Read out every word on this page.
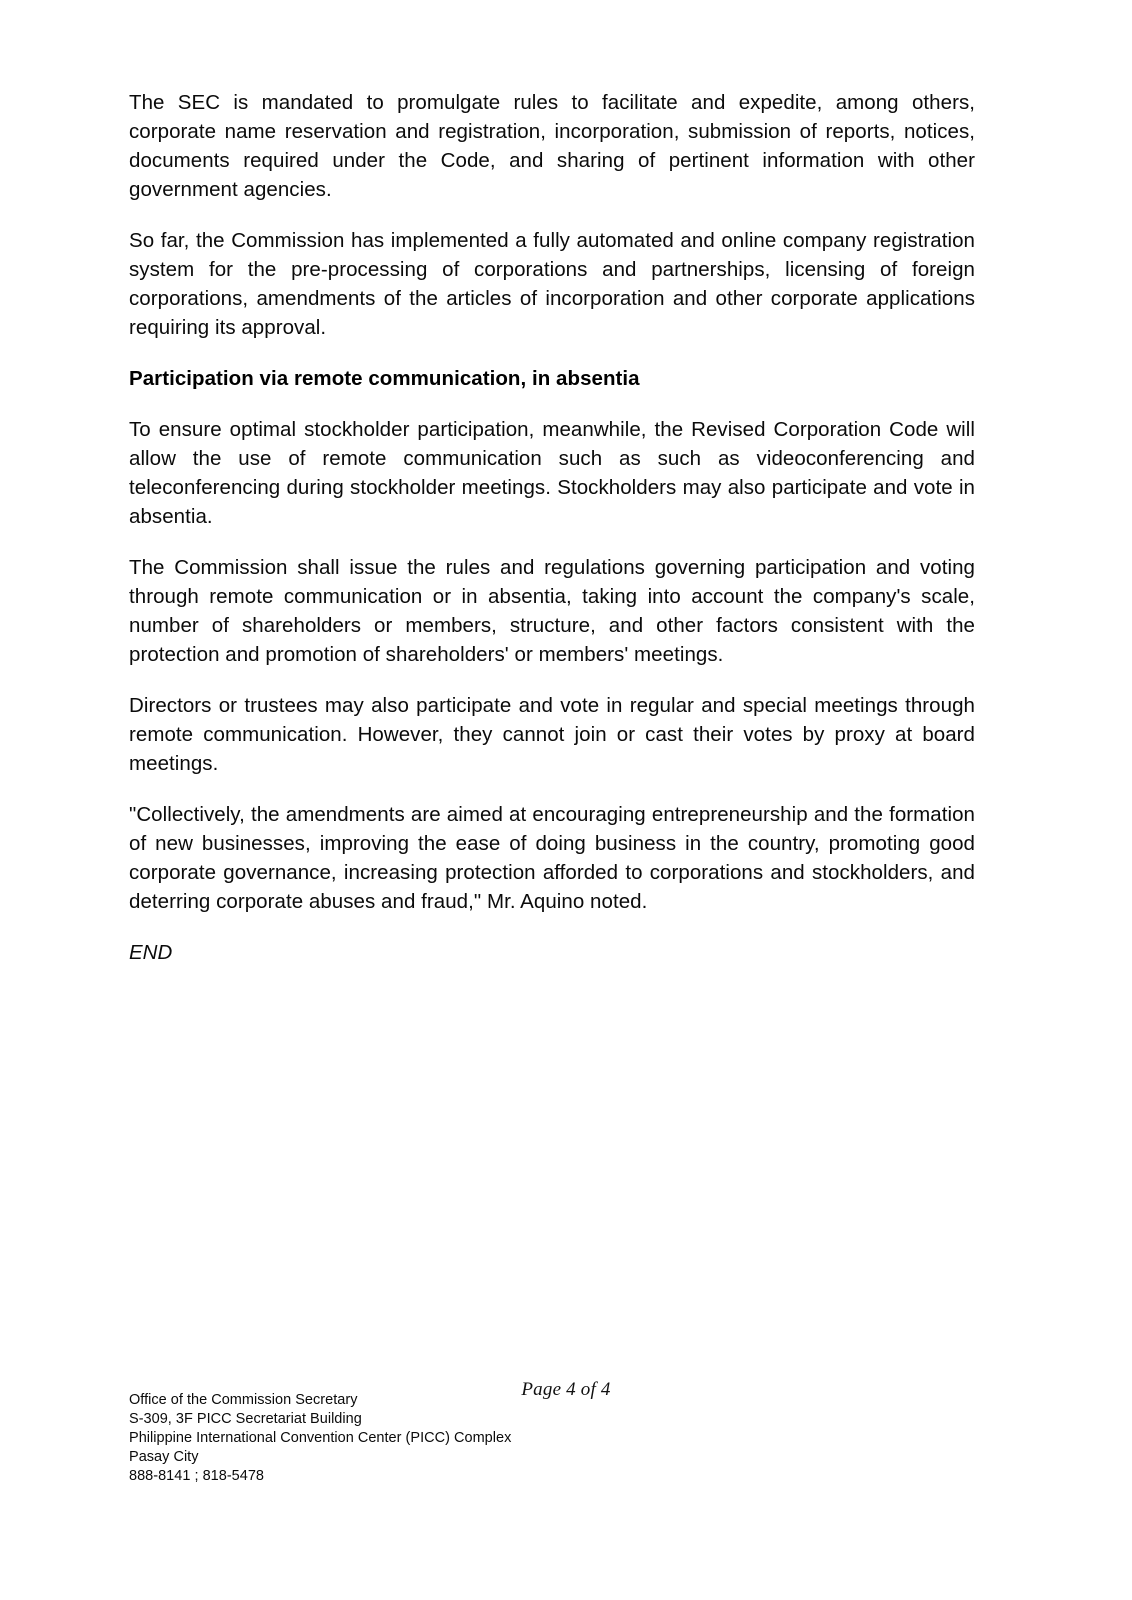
The SEC is mandated to promulgate rules to facilitate and expedite, among others, corporate name reservation and registration, incorporation, submission of reports, notices, documents required under the Code, and sharing of pertinent information with other government agencies.

So far, the Commission has implemented a fully automated and online company registration system for the pre-processing of corporations and partnerships, licensing of foreign corporations, amendments of the articles of incorporation and other corporate applications requiring its approval.

Participation via remote communication, in absentia

To ensure optimal stockholder participation, meanwhile, the Revised Corporation Code will allow the use of remote communication such as such as videoconferencing and teleconferencing during stockholder meetings. Stockholders may also participate and vote in absentia.

The Commission shall issue the rules and regulations governing participation and voting through remote communication or in absentia, taking into account the company's scale, number of shareholders or members, structure, and other factors consistent with the protection and promotion of shareholders' or members' meetings.

Directors or trustees may also participate and vote in regular and special meetings through remote communication. However, they cannot join or cast their votes by proxy at board meetings.

"Collectively, the amendments are aimed at encouraging entrepreneurship and the formation of new businesses, improving the ease of doing business in the country, promoting good corporate governance, increasing protection afforded to corporations and stockholders, and deterring corporate abuses and fraud," Mr. Aquino noted.

END

Page 4 of 4
Office of the Commission Secretary
S-309, 3F PICC Secretariat Building
Philippine International Convention Center (PICC) Complex
Pasay City
888-8141 ; 818-5478
